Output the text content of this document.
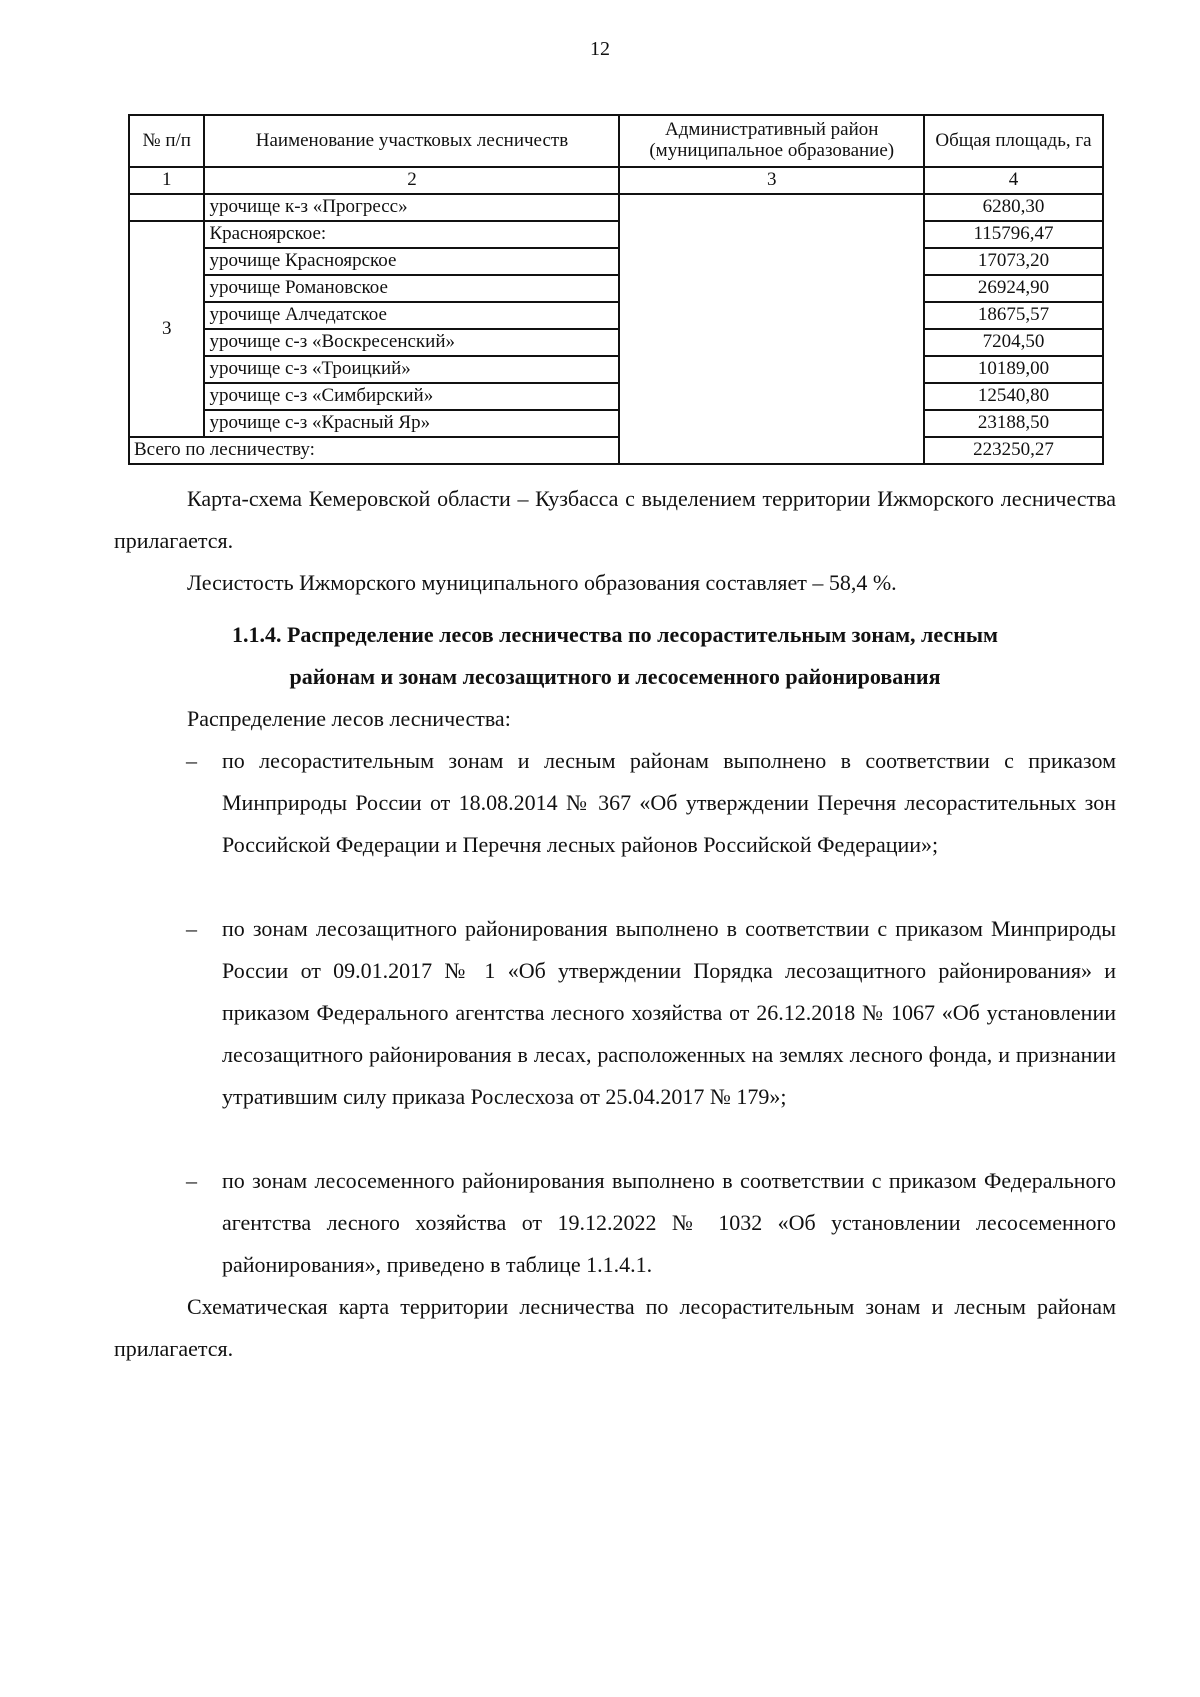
12
№ п/п	Наименование участковых лесничеств	Административный район (муниципальное образование)	Общая площадь, га
1	2	3	4
	урочище к-з «Прогресс»		6280,30
3	Красноярское:		115796,47
	урочище Красноярское		17073,20
	урочище Романовское		26924,90
	урочище Алчедатское		18675,57
	урочище с-з «Воскресенский»		7204,50
	урочище с-з «Троицкий»		10189,00
	урочище с-з «Симбирский»		12540,80
	урочище с-з «Красный Яр»		23188,50
Всего по лесничеству:			223250,27
Карта-схема Кемеровской области – Кузбасса с выделением территории Ижморского лесничества прилагается.
Лесистость Ижморского муниципального образования составляет – 58,4 %.
1.1.4. Распределение лесов лесничества по лесорастительным зонам, лесным
районам и зонам лесозащитного и лесосеменного районирования
Распределение лесов лесничества:
– по лесорастительным зонам и лесным районам выполнено в соответствии с приказом Минприроды России от 18.08.2014 № 367 «Об утверждении Перечня лесорастительных зон Российской Федерации и Перечня лесных районов Российской Федерации»;
– по зонам лесозащитного районирования выполнено в соответствии с приказом Минприроды России от 09.01.2017 № 1 «Об утверждении Порядка лесозащитного районирования» и приказом Федерального агентства лесного хозяйства от 26.12.2018 № 1067 «Об установлении лесозащитного районирования в лесах, расположенных на землях лесного фонда, и признании утратившим силу приказа Рослесхоза от 25.04.2017 № 179»;
– по зонам лесосеменного районирования выполнено в соответствии с приказом Федерального агентства лесного хозяйства от 19.12.2022 № 1032 «Об установлении лесосеменного районирования», приведено в таблице 1.1.4.1.
Схематическая карта территории лесничества по лесорастительным зонам и лесным районам прилагается.
